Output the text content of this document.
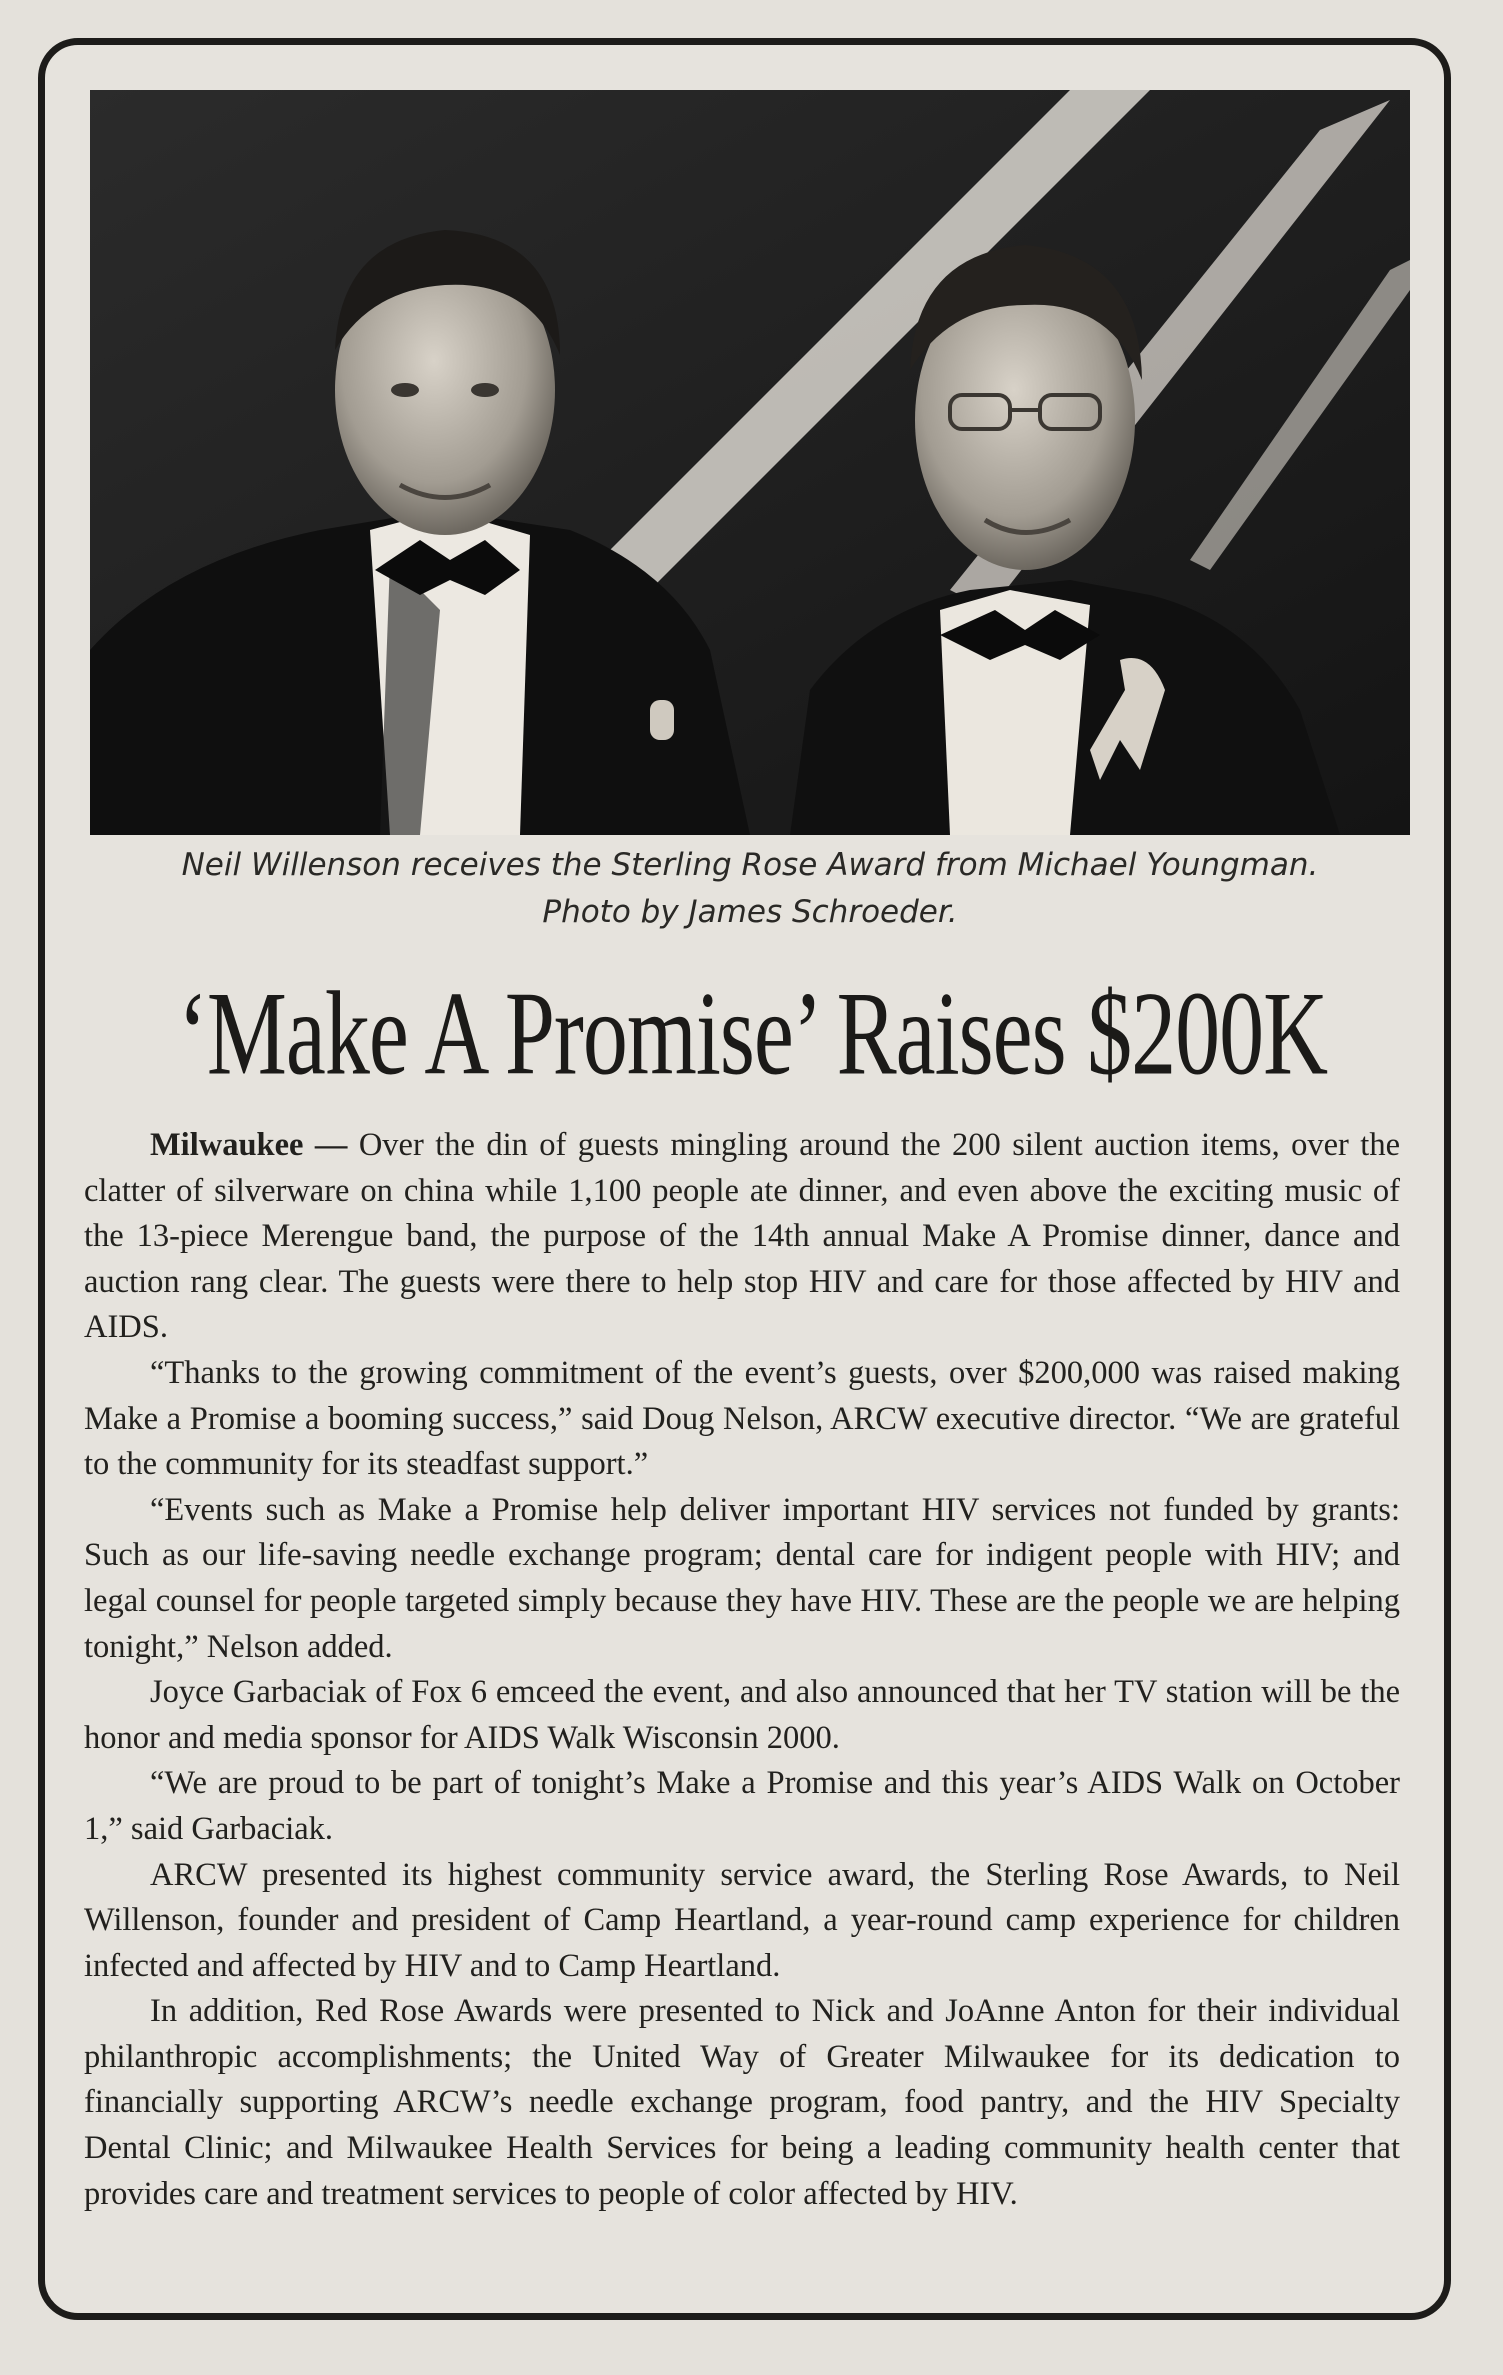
Neil Willenson receives the Sterling Rose Award from Michael Youngman.
Photo by James Schroeder.
‘Make A Promise’ Raises $200K

Milwaukee — Over the din of guests mingling around the 200 silent auction items, over the clatter of silverware on china while 1,100 people ate dinner, and even above the exciting music of the 13-piece Merengue band, the purpose of the 14th annual Make A Promise dinner, dance and auction rang clear. The guests were there to help stop HIV and care for those affected by HIV and AIDS.

“Thanks to the growing commitment of the event’s guests, over $200,000 was raised making Make a Promise a booming success,” said Doug Nelson, ARCW executive director. “We are grateful to the community for its steadfast support.”

“Events such as Make a Promise help deliver important HIV services not funded by grants: Such as our life-saving needle exchange program; dental care for indigent people with HIV; and legal counsel for people targeted simply because they have HIV. These are the people we are helping tonight,” Nelson added.

Joyce Garbaciak of Fox 6 emceed the event, and also announced that her TV station will be the honor and media sponsor for AIDS Walk Wisconsin 2000.

“We are proud to be part of tonight’s Make a Promise and this year’s AIDS Walk on October 1,” said Garbaciak.

ARCW presented its highest community service award, the Sterling Rose Awards, to Neil Willenson, founder and president of Camp Heartland, a year-round camp experience for children infected and affected by HIV and to Camp Heartland.

In addition, Red Rose Awards were presented to Nick and JoAnne Anton for their individual philanthropic accomplishments; the United Way of Greater Milwaukee for its dedication to financially supporting ARCW’s needle exchange program, food pantry, and the HIV Specialty Dental Clinic; and Milwaukee Health Services for being a leading community health center that provides care and treatment services to people of color affected by HIV.
